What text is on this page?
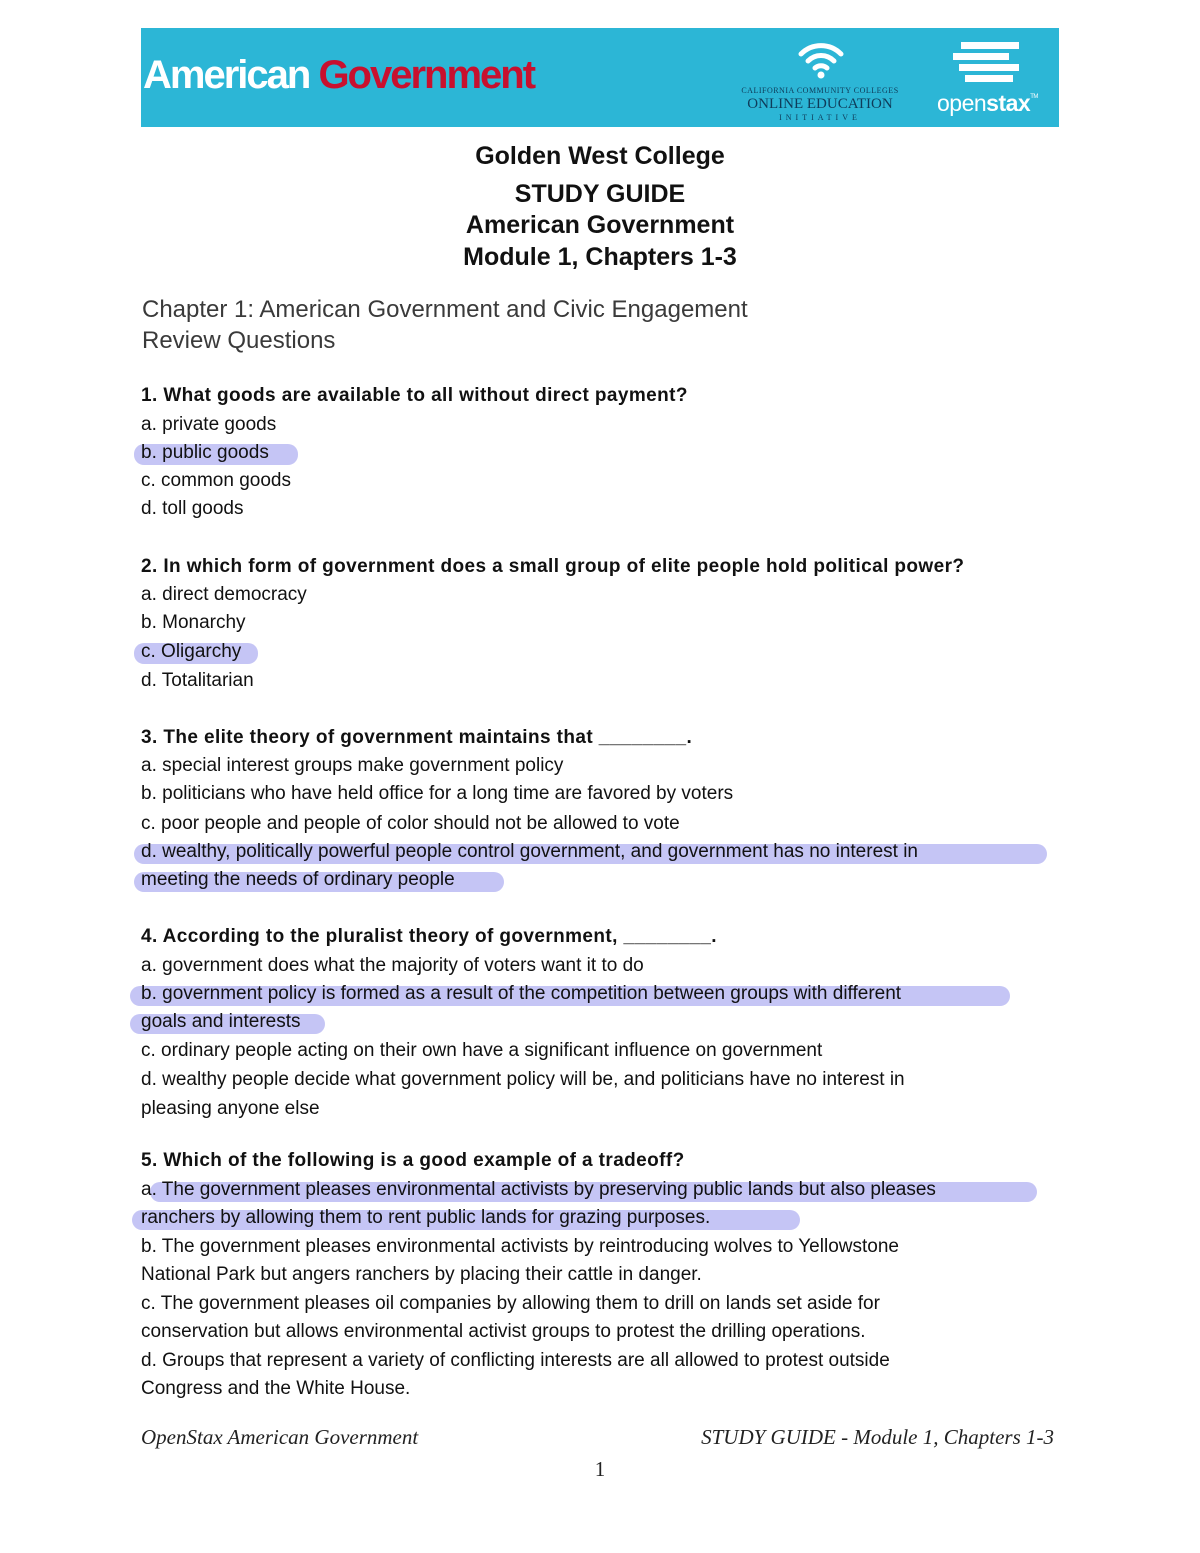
American Government	CALIFORNIA COMMUNITY COLLEGES
ONLINE EDUCATION
INITIATIVE
openstax™
Golden West College
STUDY GUIDE
American Government
Module 1, Chapters 1-3
Chapter 1: American Government and Civic Engagement
Review Questions
1. What goods are available to all without direct payment?
a. private goods
b. public goods
c. common goods
d. toll goods
2. In which form of government does a small group of elite people hold political power?
a. direct democracy
b. Monarchy
c. Oligarchy
d. Totalitarian
3. The elite theory of government maintains that ________.
a. special interest groups make government policy
b. politicians who have held office for a long time are favored by voters
c. poor people and people of color should not be allowed to vote
d. wealthy, politically powerful people control government, and government has no interest in
meeting the needs of ordinary people
4. According to the pluralist theory of government, ________.
a. government does what the majority of voters want it to do
b. government policy is formed as a result of the competition between groups with different
goals and interests
c. ordinary people acting on their own have a significant influence on government
d. wealthy people decide what government policy will be, and politicians have no interest in
pleasing anyone else
5. Which of the following is a good example of a tradeoff?
a. The government pleases environmental activists by preserving public lands but also pleases
ranchers by allowing them to rent public lands for grazing purposes.
b. The government pleases environmental activists by reintroducing wolves to Yellowstone
National Park but angers ranchers by placing their cattle in danger.
c. The government pleases oil companies by allowing them to drill on lands set aside for
conservation but allows environmental activist groups to protest the drilling operations.
d. Groups that represent a variety of conflicting interests are all allowed to protest outside
Congress and the White House.
OpenStax American Government	STUDY GUIDE - Module 1, Chapters 1-3
1
